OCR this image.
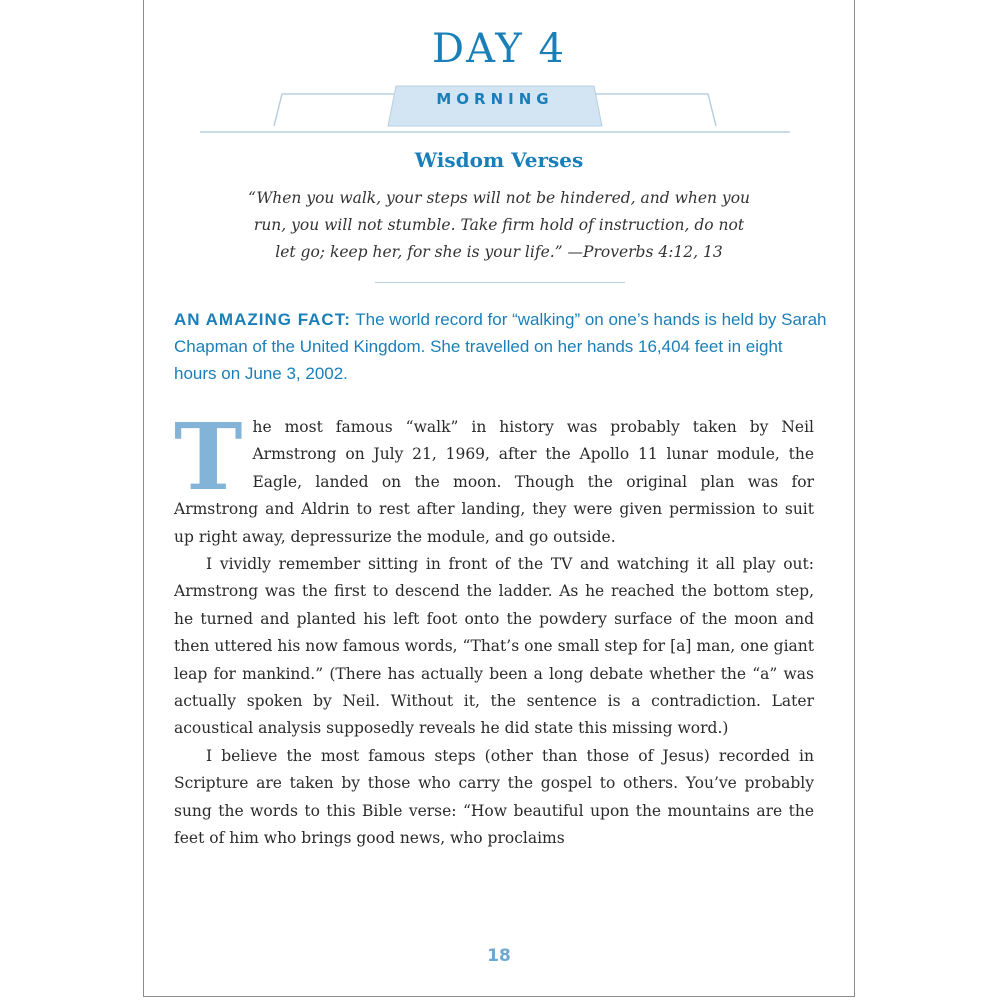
DAY 4
MORNING
Wisdom Verses
“When you walk, your steps will not be hindered, and when you
run, you will not stumble. Take firm hold of instruction, do not
let go; keep her, for she is your life.” —Proverbs 4:12, 13
AN AMAZING FACT: The world record for “walking” on one’s hands is held by Sarah Chapman of the United Kingdom. She travelled on her hands 16,404 feet in eight hours on June 3, 2002.

The most famous “walk” in history was probably taken by Neil Armstrong on July 21, 1969, after the Apollo 11 lunar module, the Eagle, landed on the moon. Though the original plan was for Armstrong and Aldrin to rest after landing, they were given permission to suit up right away, depressurize the module, and go outside.

I vividly remember sitting in front of the TV and watching it all play out: Armstrong was the first to descend the ladder. As he reached the bottom step, he turned and planted his left foot onto the powdery surface of the moon and then uttered his now famous words, “That’s one small step for [a] man, one giant leap for mankind.” (There has actually been a long debate whether the “a” was actually spoken by Neil. Without it, the sentence is a contradiction. Later acoustical analysis supposedly reveals he did state this missing word.)

I believe the most famous steps (other than those of Jesus) recorded in Scripture are taken by those who carry the gospel to others. You’ve probably sung the words to this Bible verse: “How beautiful upon the mountains are the feet of him who brings good news, who proclaims

18
